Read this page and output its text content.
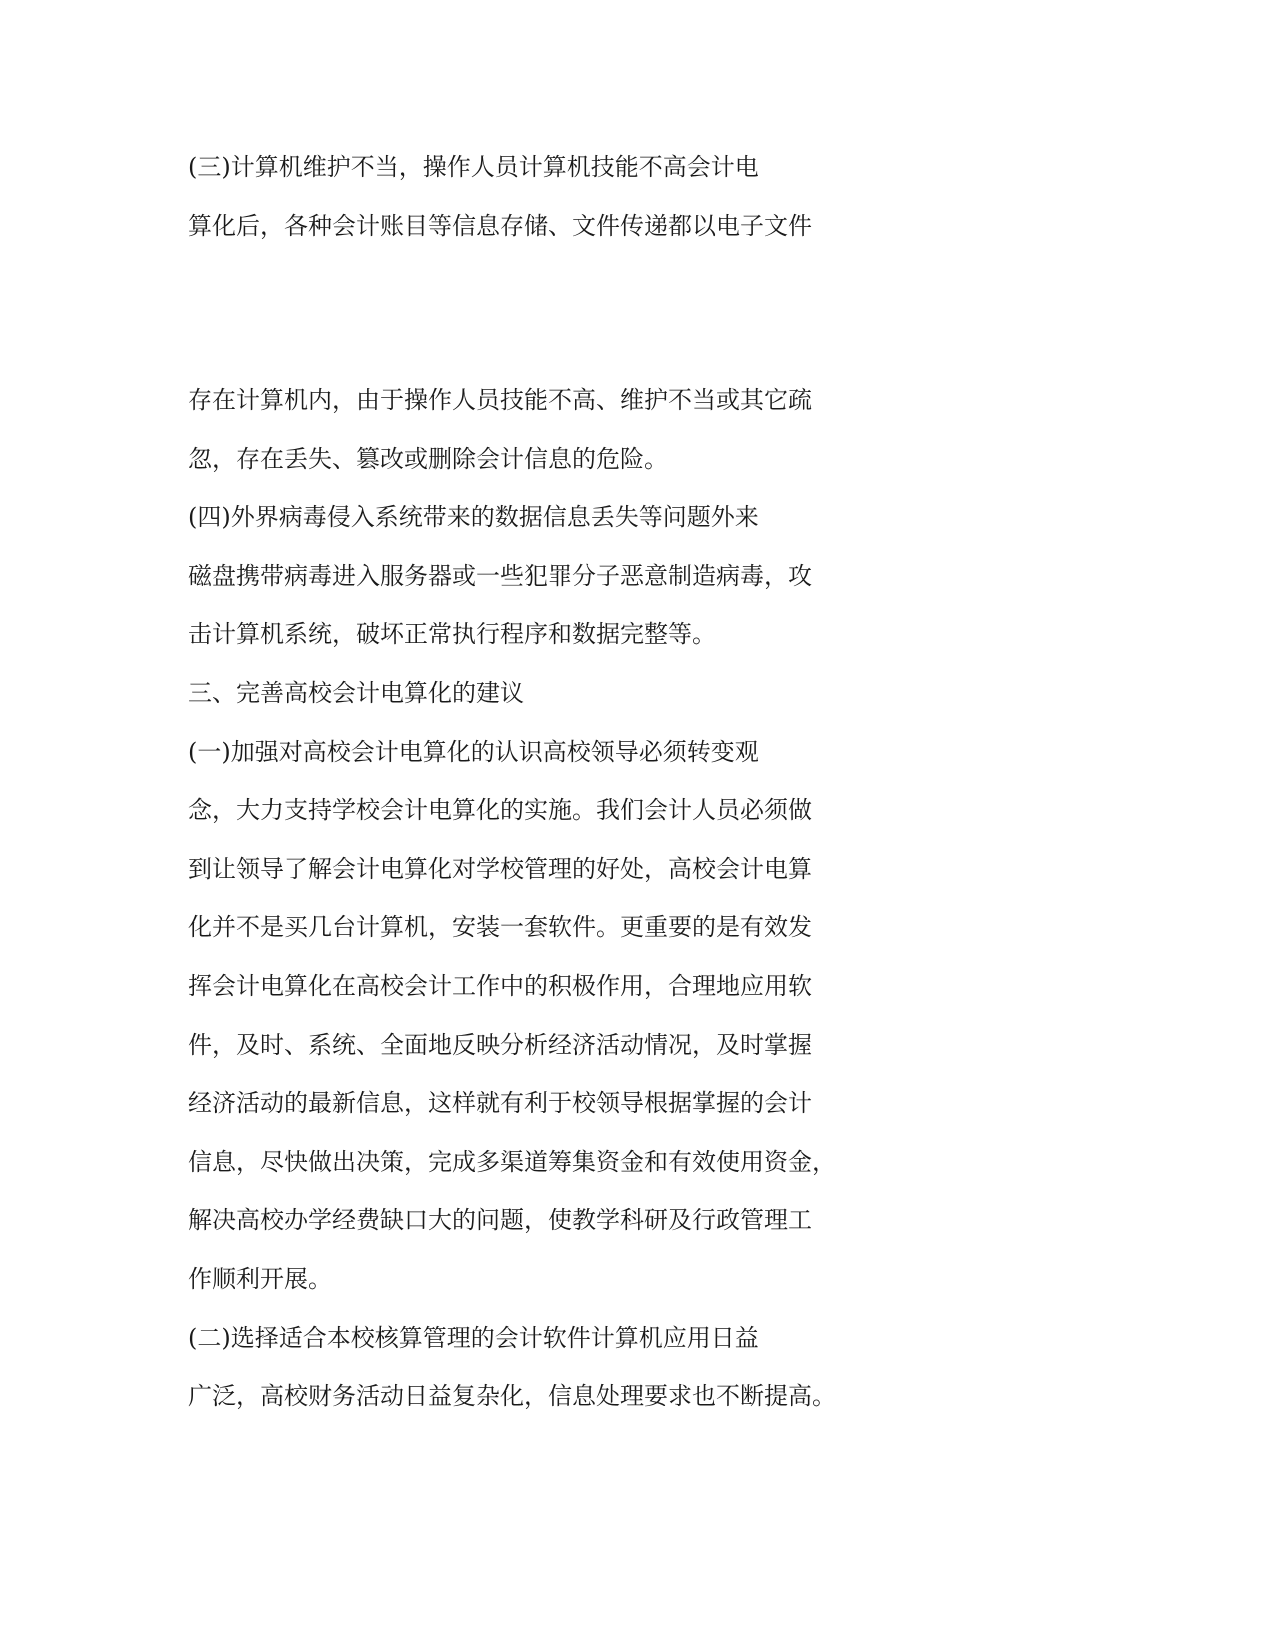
(三)计算机维护不当，操作人员计算机技能不高会计电

算化后，各种会计账目等信息存储、文件传递都以电子文件

存在计算机内，由于操作人员技能不高、维护不当或其它疏

忽，存在丢失、篡改或删除会计信息的危险。

(四)外界病毒侵入系统带来的数据信息丢失等问题外来

磁盘携带病毒进入服务器或一些犯罪分子恶意制造病毒，攻

击计算机系统，破坏正常执行程序和数据完整等。

三、完善高校会计电算化的建议

(一)加强对高校会计电算化的认识高校领导必须转变观

念，大力支持学校会计电算化的实施。我们会计人员必须做

到让领导了解会计电算化对学校管理的好处，高校会计电算

化并不是买几台计算机，安装一套软件。更重要的是有效发

挥会计电算化在高校会计工作中的积极作用，合理地应用软

件，及时、系统、全面地反映分析经济活动情况，及时掌握

经济活动的最新信息，这样就有利于校领导根据掌握的会计

信息，尽快做出决策，完成多渠道筹集资金和有效使用资金，

解决高校办学经费缺口大的问题，使教学科研及行政管理工

作顺利开展。

(二)选择适合本校核算管理的会计软件计算机应用日益

广泛，高校财务活动日益复杂化，信息处理要求也不断提高。
